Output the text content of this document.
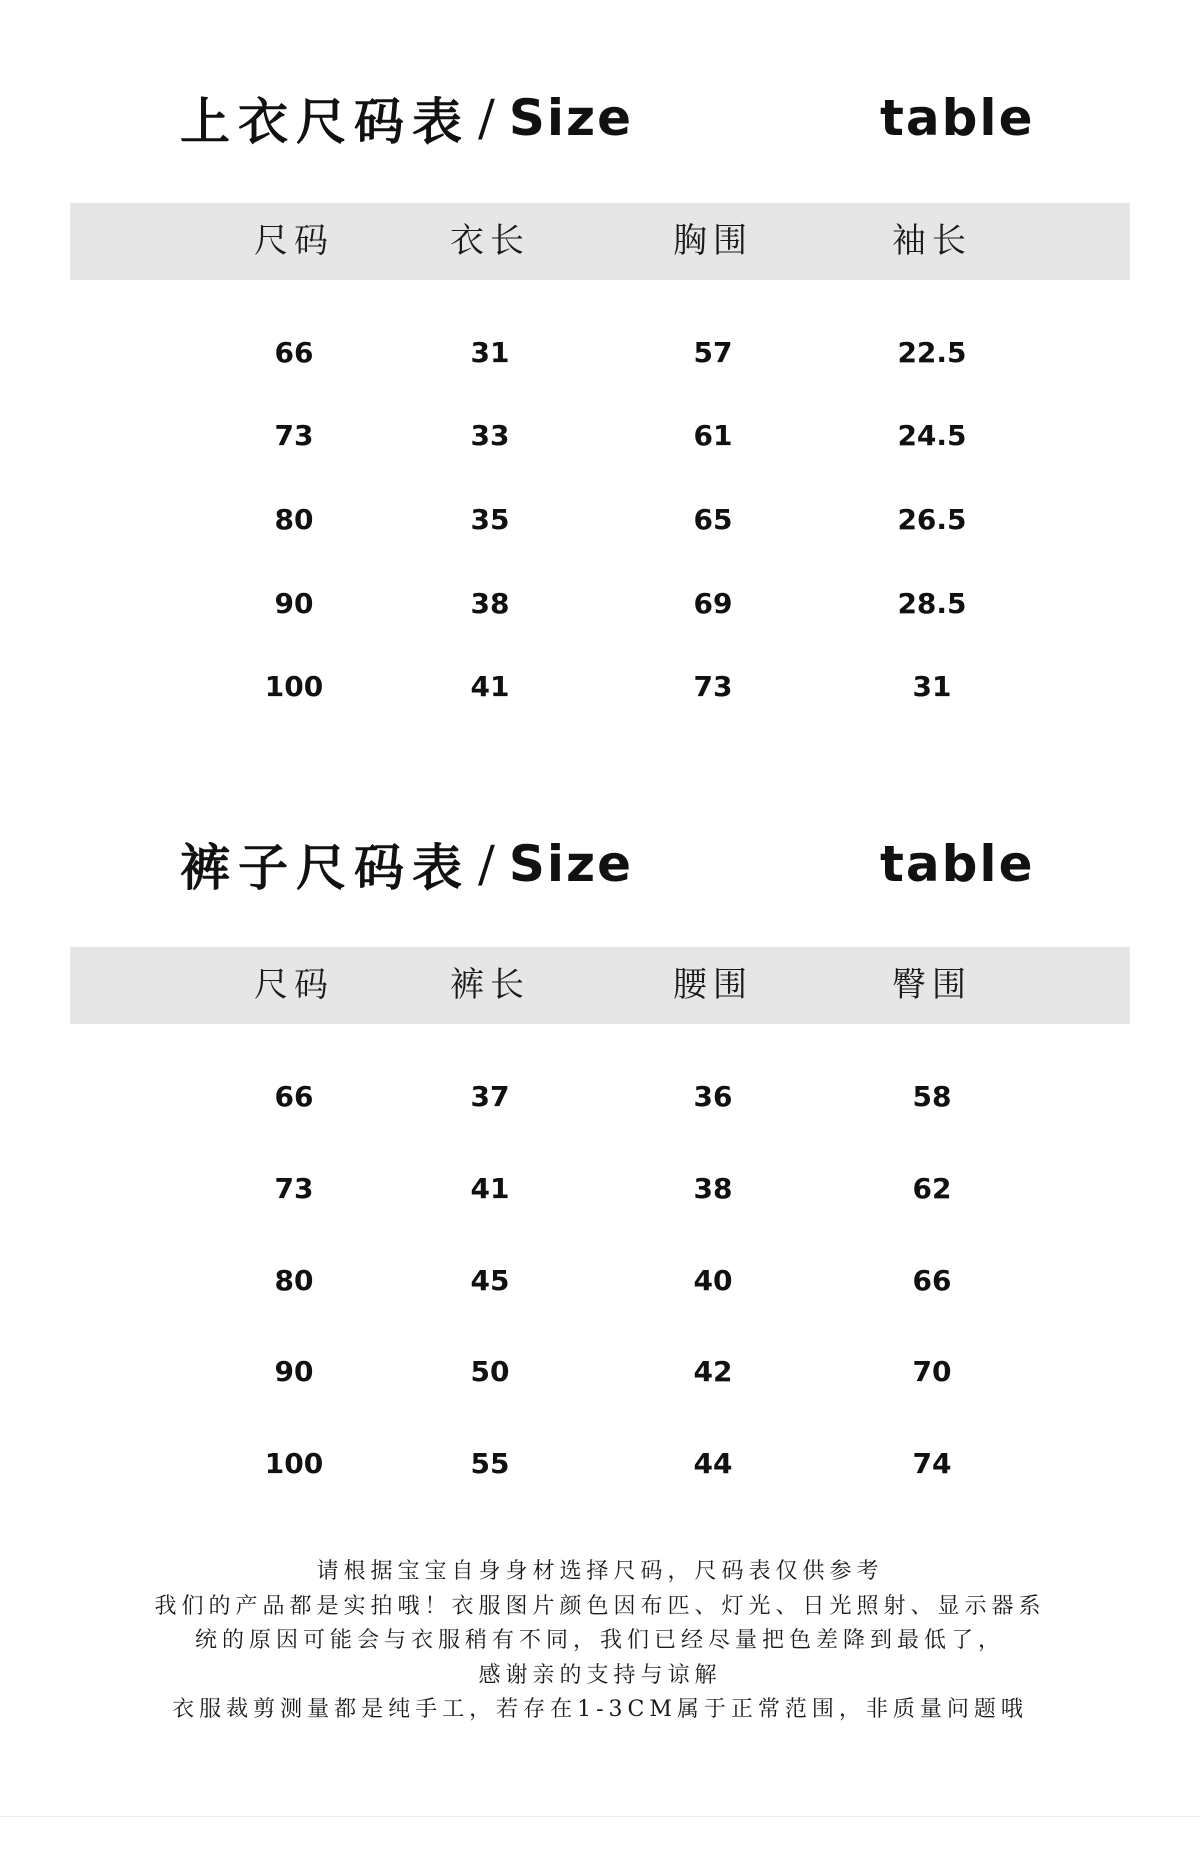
上衣尺码表 / Size	table
尺码	衣长	胸围	袖长
66	31	57	22.5
73	33	61	24.5
80	35	65	26.5
90	38	69	28.5
100	41	73	31
裤子尺码表 / Size	table
尺码	裤长	腰围	臀围
66	37	36	58
73	41	38	62
80	45	40	66
90	50	42	70
100	55	44	74
请根据宝宝自身身材选择尺码，尺码表仅供参考
我们的产品都是实拍哦！衣服图片颜色因布匹、灯光、日光照射、显示器系
统的原因可能会与衣服稍有不同，我们已经尽量把色差降到最低了，
感谢亲的支持与谅解
衣服裁剪测量都是纯手工，若存在1-3CM属于正常范围，非质量问题哦
